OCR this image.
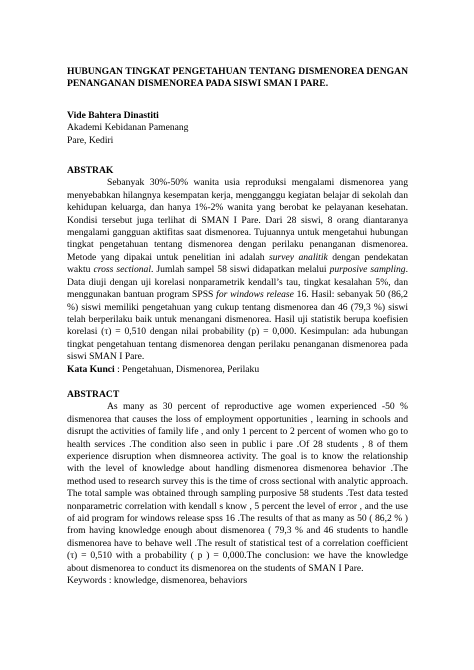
HUBUNGAN TINGKAT PENGETAHUAN TENTANG DISMENOREA DENGAN PENANGANAN DISMENOREA PADA SISWI SMAN I PARE.

Vide Bahtera Dinastiti
Akademi Kebidanan Pamenang
Pare, Kediri
ABSTRAK

Sebanyak 30%-50% wanita usia reproduksi mengalami dismenorea yang menyebabkan hilangnya kesempatan kerja, mengganggu kegiatan belajar di sekolah dan kehidupan keluarga, dan hanya 1%-2% wanita yang berobat ke pelayanan kesehatan. Kondisi tersebut juga terlihat di SMAN I Pare. Dari 28 siswi, 8 orang diantaranya mengalami gangguan aktifitas saat dismenorea. Tujuannya untuk mengetahui hubungan tingkat pengetahuan tentang dismenorea dengan perilaku penanganan dismenorea. Metode yang dipakai untuk penelitian ini adalah survey analitik dengan pendekatan waktu cross sectional. Jumlah sampel 58 siswi didapatkan melalui purposive sampling. Data diuji dengan uji korelasi nonparametrik kendall’s tau, tingkat kesalahan 5%, dan menggunakan bantuan program SPSS for windows release 16. Hasil: sebanyak 50 (86,2 %) siswi memiliki pengetahuan yang cukup tentang dismenorea dan 46 (79,3 %) siswi telah berperilaku baik untuk menangani dismenorea. Hasil uji statistik berupa koefisien korelasi (τ) = 0,510 dengan nilai probability (p) = 0,000. Kesimpulan: ada hubungan tingkat pengetahuan tentang dismenorea dengan perilaku penanganan dismenorea pada siswi SMAN I Pare.

Kata Kunci : Pengetahuan, Dismenorea, Perilaku

ABSTRACT

As many as 30 percent of reproductive age women experienced -50 % dismenorea that causes the loss of employment opportunities , learning in schools and disrupt the activities of family life , and only 1 percent to 2 percent of women who go to health services .The condition also seen in public i pare .Of 28 students , 8 of them experience disruption when dismneorea activity. The goal is to know the relationship with the level of knowledge about handling dismenorea dismenorea behavior .The method used to research survey this is the time of cross sectional with analytic approach. The total sample was obtained through sampling purposive 58 students .Test data tested nonparametric correlation with kendall s know , 5 percent the level of error , and the use of aid program for windows release spss 16 .The results of that as many as 50 ( 86,2 % ) from having knowledge enough about dismenorea ( 79,3 % and 46 students to handle dismenorea have to behave well .The result of statistical test of a correlation coefficient (τ) = 0,510 with a probability ( p ) = 0,000.The conclusion: we have the knowledge about dismenorea to conduct its dismenorea on the students of SMAN I Pare.

Keywords : knowledge, dismenorea, behaviors
